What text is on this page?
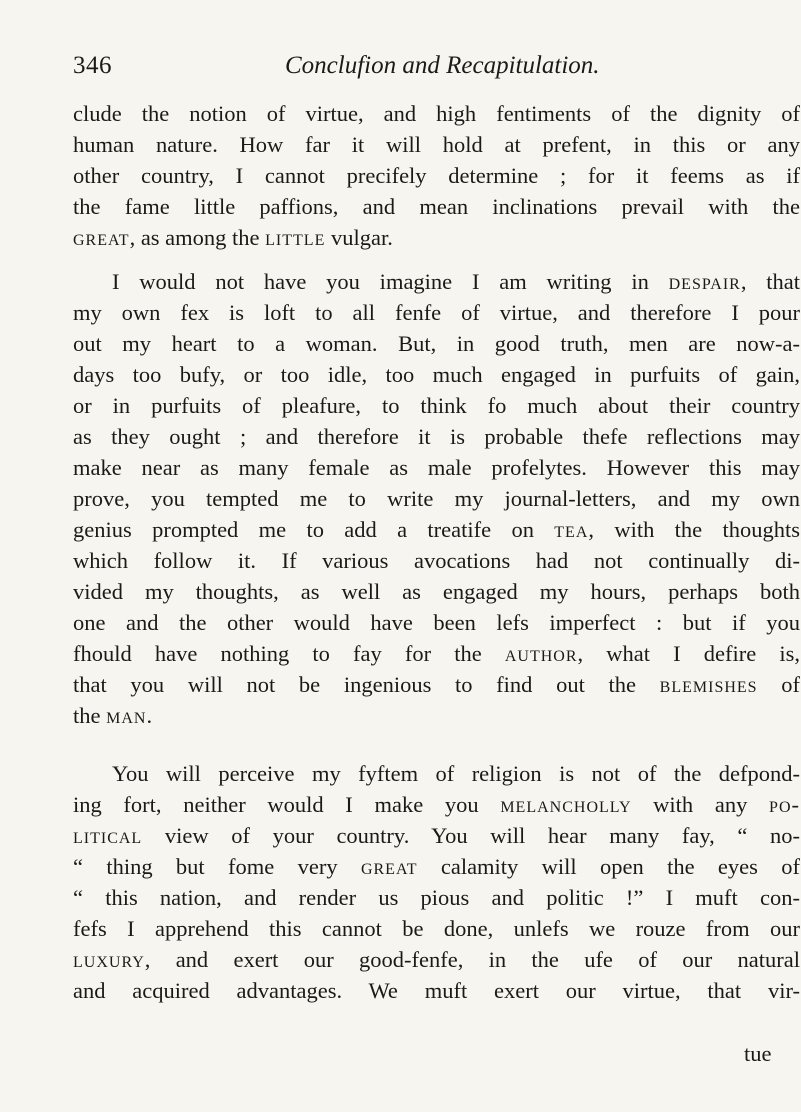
346	Conclufion and Recapitulation.
clude the notion of virtue, and high fentiments of the dignity of
human nature. How far it will hold at prefent, in this or any
other country, I cannot precifely determine ; for it feems as if
the fame little paffions, and mean inclinations prevail with the
great, as among the little vulgar.
I would not have you imagine I am writing in despair, that
my own fex is loft to all fenfe of virtue, and therefore I pour
out my heart to a woman. But, in good truth, men are now-a-
days too bufy, or too idle, too much engaged in purfuits of gain,
or in purfuits of pleafure, to think fo much about their country
as they ought ; and therefore it is probable thefe reflections may
make near as many female as male profelytes. However this may
prove, you tempted me to write my journal-letters, and my own
genius prompted me to add a treatife on tea, with the thoughts
which follow it. If various avocations had not continually di-
vided my thoughts, as well as engaged my hours, perhaps both
one and the other would have been lefs imperfect : but if you
fhould have nothing to fay for the author, what I defire is,
that you will not be ingenious to find out the blemishes of
the man.
You will perceive my fyftem of religion is not of the defpond-
ing fort, neither would I make you melancholly with any po-
litical view of your country. You will hear many fay, “ no-
“ thing but fome very great calamity will open the eyes of
“ this nation, and render us pious and politic !” I muft con-
fefs I apprehend this cannot be done, unlefs we rouze from our
luxury, and exert our good-fenfe, in the ufe of our natural
and acquired advantages. We muft exert our virtue, that vir-
tue
